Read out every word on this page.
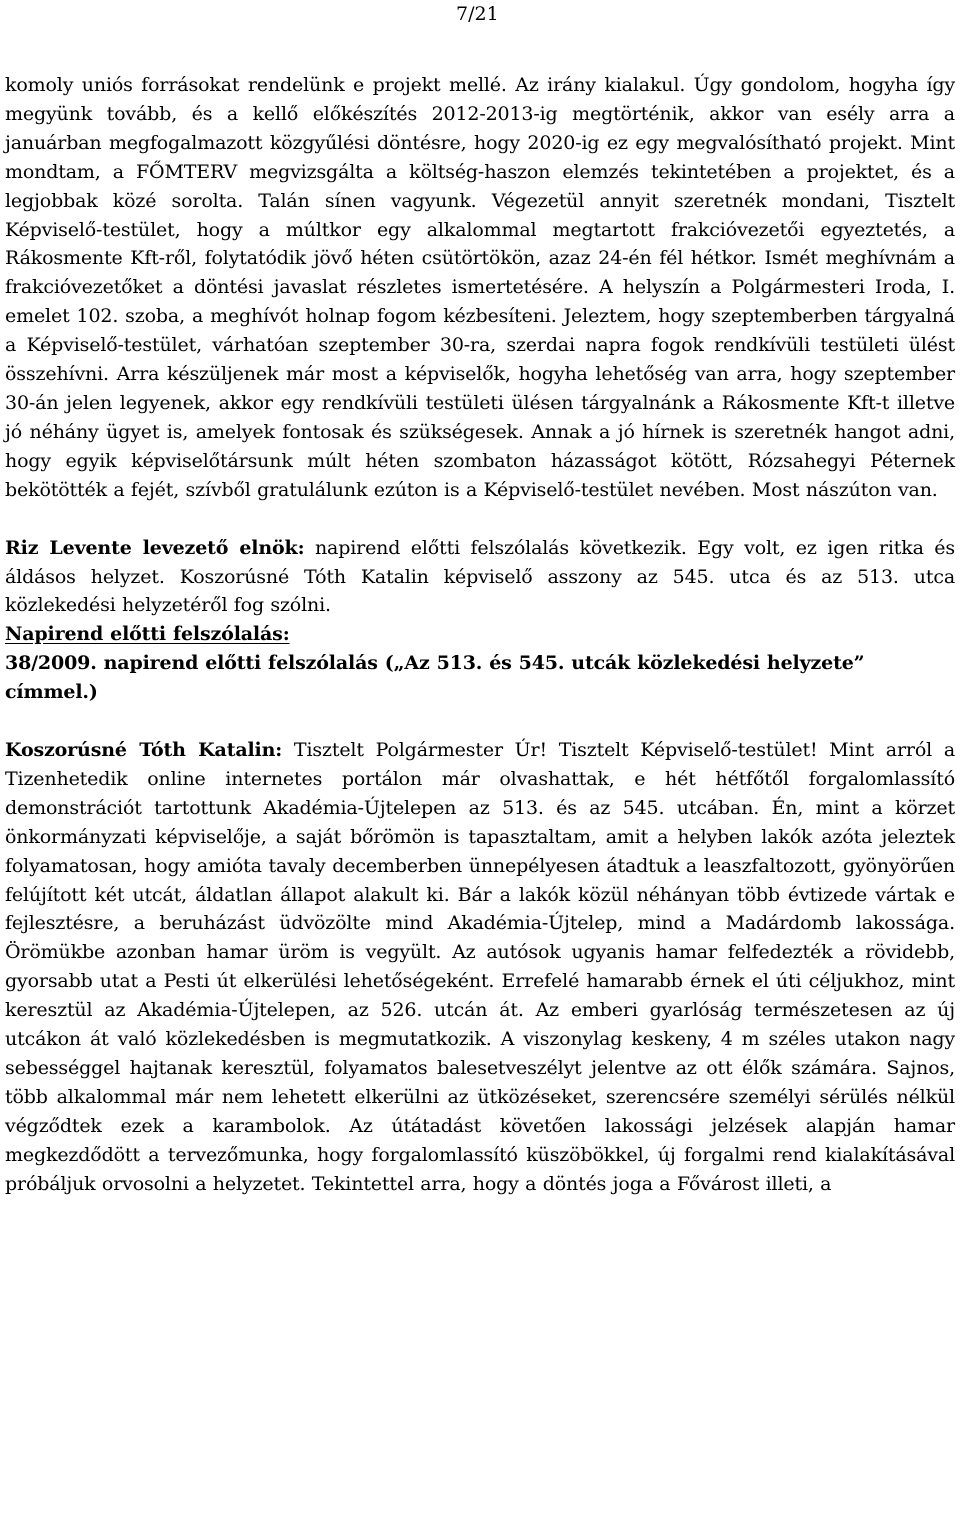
7/21

komoly uniós forrásokat rendelünk e projekt mellé. Az irány kialakul. Úgy gondolom, hogyha így megyünk tovább, és a kellő előkészítés 2012-2013-ig megtörténik, akkor van esély arra a januárban megfogalmazott közgyűlési döntésre, hogy 2020-ig ez egy megvalósítható projekt. Mint mondtam, a FŐMTERV megvizsgálta a költség-haszon elemzés tekintetében a projektet, és a legjobbak közé sorolta. Talán sínen vagyunk. Végezetül annyit szeretnék mondani, Tisztelt Képviselő-testület, hogy a múltkor egy alkalommal megtartott frakcióvezetői egyeztetés, a Rákosmente Kft-ről, folytatódik jövő héten csütörtökön, azaz 24-én fél hétkor. Ismét meghívnám a frakcióvezetőket a döntési javaslat részletes ismertetésére. A helyszín a Polgármesteri Iroda, I. emelet 102. szoba, a meghívót holnap fogom kézbesíteni. Jeleztem, hogy szeptemberben tárgyalná a Képviselő-testület, várhatóan szeptember 30-ra, szerdai napra fogok rendkívüli testületi ülést összehívni. Arra készüljenek már most a képviselők, hogyha lehetőség van arra, hogy szeptember 30-án jelen legyenek, akkor egy rendkívüli testületi ülésen tárgyalnánk a Rákosmente Kft-t illetve jó néhány ügyet is, amelyek fontosak és szükségesek. Annak a jó hírnek is szeretnék hangot adni, hogy egyik képviselőtársunk múlt héten szombaton házasságot kötött, Rózsahegyi Péternek bekötötték a fejét, szívből gratulálunk ezúton is a Képviselő-testület nevében. Most nászúton van.

Riz Levente levezető elnök: napirend előtti felszólalás következik. Egy volt, ez igen ritka és áldásos helyzet. Koszorúsné Tóth Katalin képviselő asszony az 545. utca és az 513. utca közlekedési helyzetéről fog szólni.

Napirend előtti felszólalás:

38/2009. napirend előtti felszólalás („Az 513. és 545. utcák közlekedési helyzete” címmel.)

Koszorúsné Tóth Katalin: Tisztelt Polgármester Úr! Tisztelt Képviselő-testület! Mint arról a Tizenhetedik online internetes portálon már olvashattak, e hét hétfőtől forgalomlassító demonstrációt tartottunk Akadémia-Újtelepen az 513. és az 545. utcában. Én, mint a körzet önkormányzati képviselője, a saját bőrömön is tapasztaltam, amit a helyben lakók azóta jeleztek folyamatosan, hogy amióta tavaly decemberben ünnepélyesen átadtuk a leaszfaltozott, gyönyörűen felújított két utcát, áldatlan állapot alakult ki. Bár a lakók közül néhányan több évtizede vártak e fejlesztésre, a beruházást üdvözölte mind Akadémia-Újtelep, mind a Madárdomb lakossága. Örömükbe azonban hamar üröm is vegyült. Az autósok ugyanis hamar felfedezték a rövidebb, gyorsabb utat a Pesti út elkerülési lehetőségeként. Errefelé hamarabb érnek el úti céljukhoz, mint keresztül az Akadémia-Újtelepen, az 526. utcán át. Az emberi gyarlóság természetesen az új utcákon át való közlekedésben is megmutatkozik. A viszonylag keskeny, 4 m széles utakon nagy sebességgel hajtanak keresztül, folyamatos balesetveszélyt jelentve az ott élők számára. Sajnos, több alkalommal már nem lehetett elkerülni az ütközéseket, szerencsére személyi sérülés nélkül végződtek ezek a karambolok. Az útátadást követően lakossági jelzések alapján hamar megkezdődött a tervezőmunka, hogy forgalomlassító küszöbökkel, új forgalmi rend kialakításával próbáljuk orvosolni a helyzetet. Tekintettel arra, hogy a döntés joga a Fővárost illeti, a
